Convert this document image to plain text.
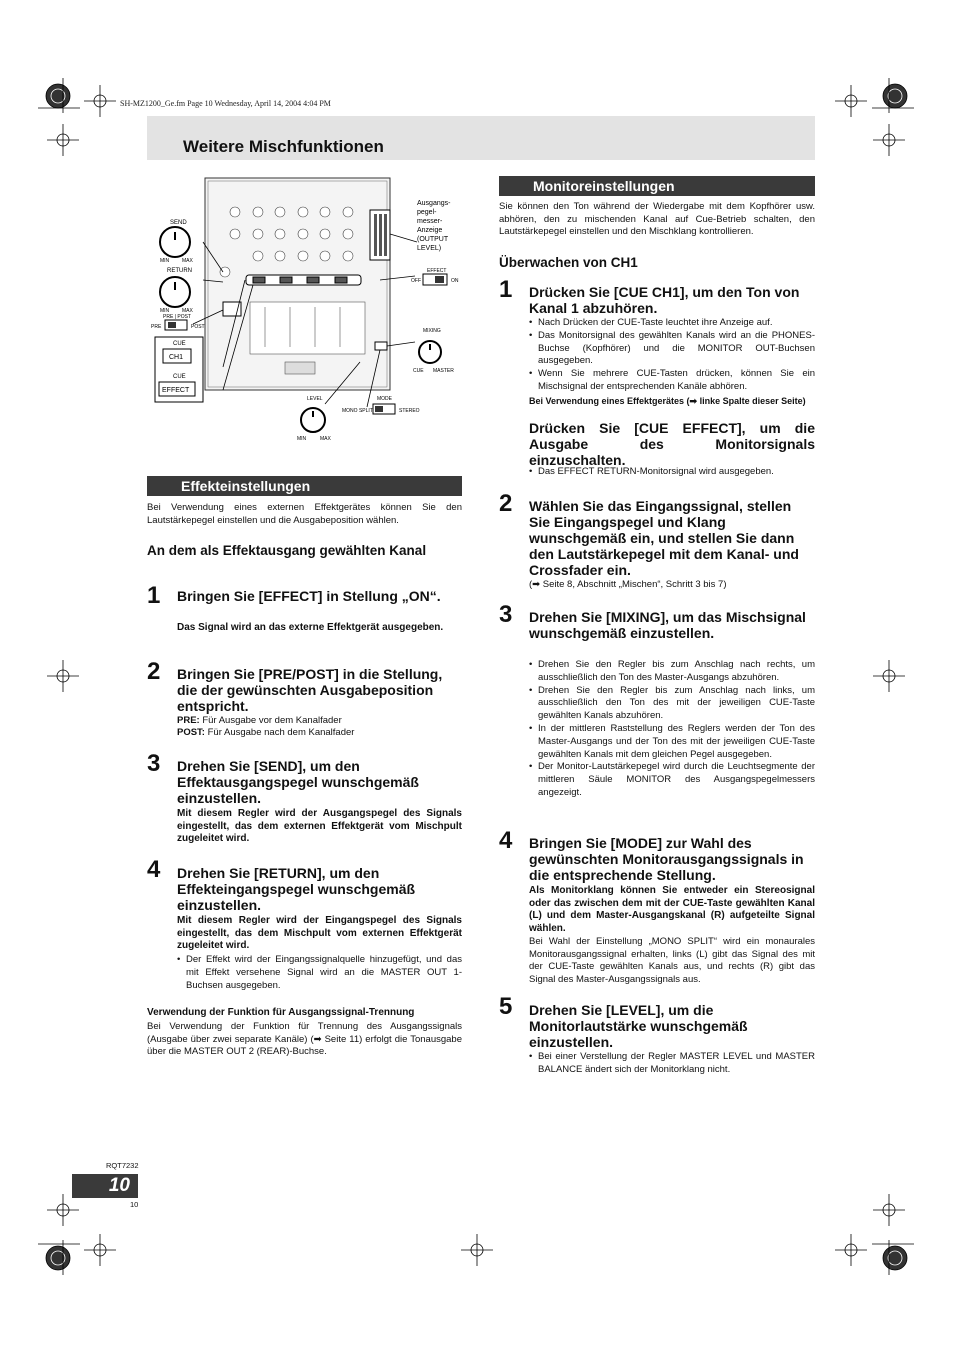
SH-MZ1200_Ge.fm Page 10 Wednesday, April 14, 2004 4:04 PM
Weitere Mischfunktionen
SEND
MIN	MAX
RETURN
MIN	MAX
PRE | POST
PRE	POST
CUE
CH1
CUE
EFFECT
Ausgangs-pegel-messer-Anzeige (OUTPUT LEVEL)
EFFECT
OFF	ON
MIXING
CUE MASTER
LEVEL
MIN	MAX
MODE
MONO SPLIT	STEREO
Effekteinstellungen
Bei Verwendung eines externen Effektgerätes können Sie den Lautstärkepegel einstellen und die Ausgabeposition wählen.
An dem als Effektausgang gewählten Kanal
1 Bringen Sie [EFFECT] in Stellung „ON“.
Das Signal wird an das externe Effektgerät ausgegeben.
2 Bringen Sie [PRE/POST] in die Stellung, die der gewünschten Ausgabeposition entspricht.
PRE: Für Ausgabe vor dem Kanalfader
POST: Für Ausgabe nach dem Kanalfader
3 Drehen Sie [SEND], um den Effektausgangspegel wunschgemäß einzustellen.
Mit diesem Regler wird der Ausgangspegel des Signals eingestellt, das dem externen Effektgerät vom Mischpult zugeleitet wird.
4 Drehen Sie [RETURN], um den Effekteingangspegel wunschgemäß einzustellen.
Mit diesem Regler wird der Eingangspegel des Signals eingestellt, das dem Mischpult vom externen Effektgerät zugeleitet wird.
• Der Effekt wird der Eingangssignalquelle hinzugefügt, und das mit Effekt versehene Signal wird an die MASTER OUT 1-Buchsen ausgegeben.
Verwendung der Funktion für Ausgangssignal-Trennung
Bei Verwendung der Funktion für Trennung des Ausgangssignals (Ausgabe über zwei separate Kanäle) (➡ Seite 11) erfolgt die Tonausgabe über die MASTER OUT 2 (REAR)-Buchse.
Monitoreinstellungen
Sie können den Ton während der Wiedergabe mit dem Kopfhörer usw. abhören, den zu mischenden Kanal auf Cue-Betrieb schalten, den Lautstärkepegel einstellen und den Mischklang kontrollieren.
Überwachen von CH1
1 Drücken Sie [CUE CH1], um den Ton von Kanal 1 abzuhören.
• Nach Drücken der CUE-Taste leuchtet ihre Anzeige auf.
• Das Monitorsignal des gewählten Kanals wird an die PHONES-Buchse (Kopfhörer) und die MONITOR OUT-Buchsen ausgegeben.
• Wenn Sie mehrere CUE-Tasten drücken, können Sie ein Mischsignal der entsprechenden Kanäle abhören.
Bei Verwendung eines Effektgerätes (➡ linke Spalte dieser Seite)
Drücken Sie [CUE EFFECT], um die Ausgabe des Monitorsignals einzuschalten.
• Das EFFECT RETURN-Monitorsignal wird ausgegeben.
2 Wählen Sie das Eingangssignal, stellen Sie Eingangspegel und Klang wunschgemäß ein, und stellen Sie dann den Lautstärkepegel mit dem Kanal- und Crossfader ein.
(➡ Seite 8, Abschnitt „Mischen“, Schritt 3 bis 7)
3 Drehen Sie [MIXING], um das Mischsignal wunschgemäß einzustellen.
• Drehen Sie den Regler bis zum Anschlag nach rechts, um ausschließlich den Ton des Master-Ausgangs abzuhören.
• Drehen Sie den Regler bis zum Anschlag nach links, um ausschließlich den Ton des mit der jeweiligen CUE-Taste gewählten Kanals abzuhören.
• In der mittleren Raststellung des Reglers werden der Ton des Master-Ausgangs und der Ton des mit der jeweiligen CUE-Taste gewählten Kanals mit dem gleichen Pegel ausgegeben.
• Der Monitor-Lautstärkepegel wird durch die Leuchtsegmente der mittleren Säule MONITOR des Ausgangspegelmessers angezeigt.
4 Bringen Sie [MODE] zur Wahl des gewünschten Monitorausgangssignals in die entsprechende Stellung.
Als Monitorklang können Sie entweder ein Stereosignal oder das zwischen dem mit der CUE-Taste gewählten Kanal (L) und dem Master-Ausgangskanal (R) aufgeteilte Signal wählen.
Bei Wahl der Einstellung „MONO SPLIT“ wird ein monaurales Monitorausgangssignal erhalten, links (L) gibt das Signal des mit der CUE-Taste gewählten Kanals aus, und rechts (R) gibt das Signal des Master-Ausgangssignals aus.
5 Drehen Sie [LEVEL], um die Monitorlautstärke wunschgemäß einzustellen.
• Bei einer Verstellung der Regler MASTER LEVEL und MASTER BALANCE ändert sich der Monitorklang nicht.
RQT7232
10
10
